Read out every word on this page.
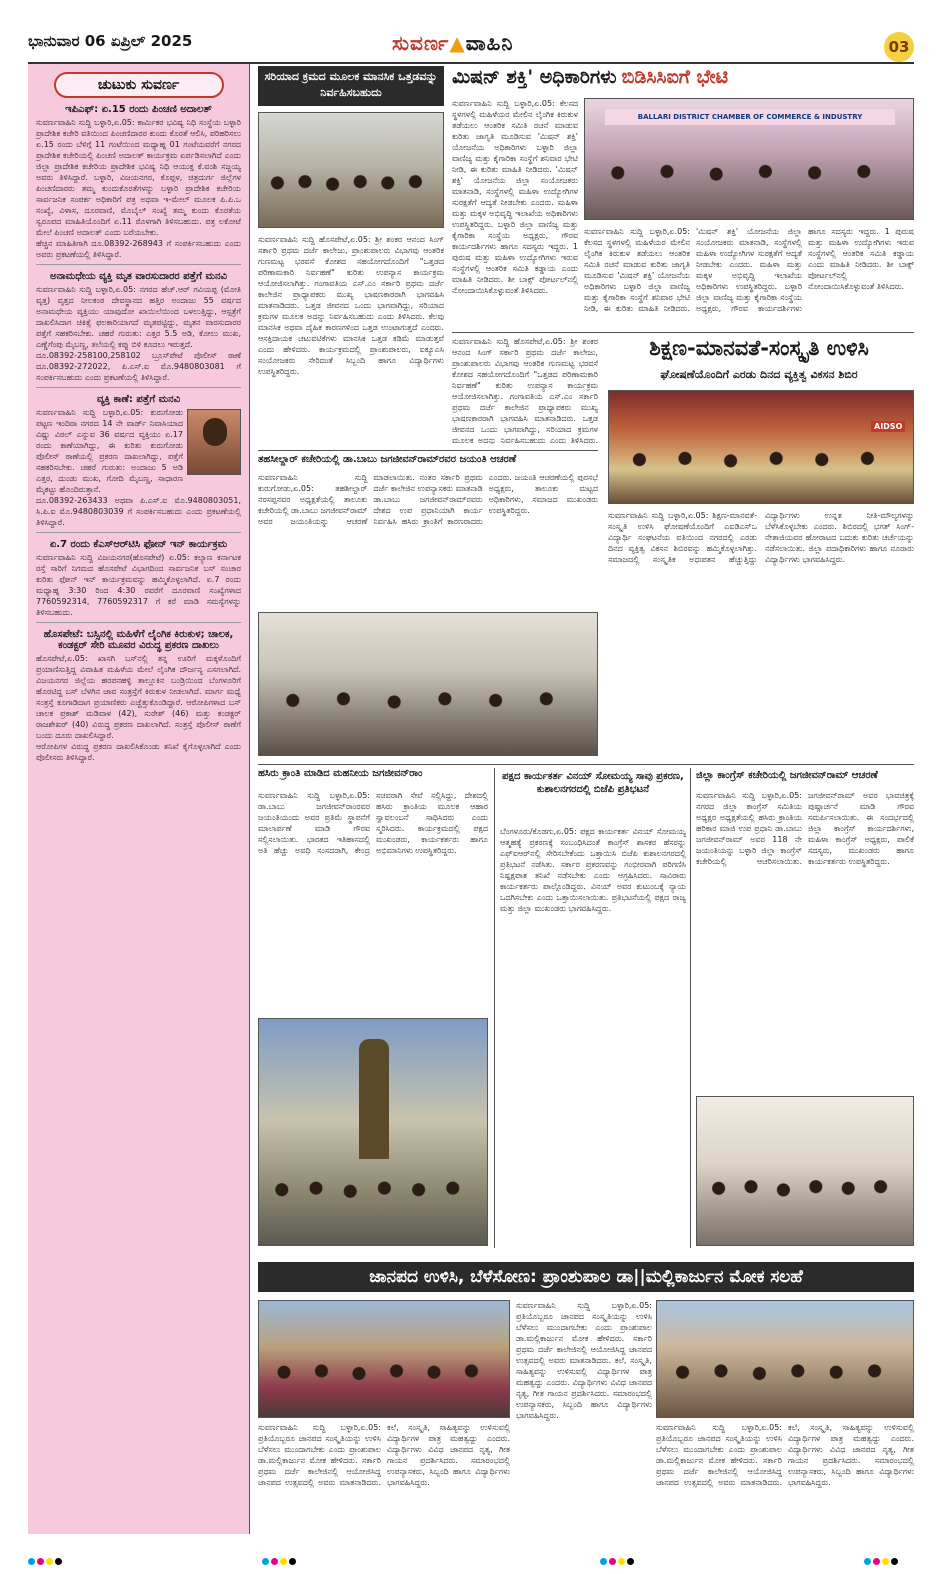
ಭಾನುವಾರ 06 ಏಪ್ರಿಲ್ 2025	ಸುವರ್ಣ▲ವಾಹಿನಿ	03
ಚುಟುಕು ಸುವರ್ಣ
ಇಪಿಎಫ್: ಏ.15 ರಂದು ಪಿಂಚಣಿ ಅದಾಲತ್

ಸುವರ್ಣವಾಹಿನಿ ಸುದ್ದಿ ಬಳ್ಳಾರಿ,ಏ.05: ಕಾರ್ಮಿಕರ ಭವಿಷ್ಯ ನಿಧಿ ಸಂಸ್ಥೆಯ ಬಳ್ಳಾರಿ ಪ್ರಾದೇಶಿಕ ಕಚೇರಿ ವತಿಯಿಂದ ಪಿಂಚಣಿದಾರರ ಕುಂದು ಕೊರತೆ ಆಲಿಸಿ, ಪರಿಹರಿಸಲು ಏ.15 ರಂದು ಬೆಳಿಗ್ಗೆ 11 ಗಂಟೆಯಿಂದ ಮಧ್ಯಾಹ್ನ 01 ಗಂಟೆಯವರೆಗೆ ನಗರದ ಪ್ರಾದೇಶಿಕ ಕಚೇರಿಯಲ್ಲಿ ಪಿಂಚಣಿ ಅದಾಲತ್ ಕಾರ್ಯಕ್ರಮ ಏರ್ಪಡಿಸಲಾಗಿದೆ ಎಂದು ಜಿಲ್ಲಾ ಪ್ರಾದೇಶಿಕ ಕಚೇರಿಯ ಪ್ರಾದೇಶಿಕ ಭವಿಷ್ಯ ನಿಧಿ ಆಯುಕ್ತ ಕೆ.ವಂಶಿ ಸಜ್ಜಯ್ಯ ಅವರು ತಿಳಿಸಿದ್ದಾರೆ. ಬಳ್ಳಾರಿ, ವಿಜಯನಗರ, ಕೊಪ್ಪಳ, ಚಿತ್ರದುರ್ಗ ಜಿಲ್ಲೆಗಳ ಪಿಂಚಣಿದಾರರು ತಮ್ಮ ಕುಂದುಕೊರತೆಗಳನ್ನು ಬಳ್ಳಾರಿ ಪ್ರಾದೇಶಿಕ ಕಚೇರಿಯ ಸಾರ್ವಜನಿಕ ಸಂಪರ್ಕ ಅಧಿಕಾರಿಗೆ ಪತ್ರ ಅಥವಾ ಇ-ಮೇಲ್ ಮೂಲಕ ಪಿ.ಪಿ.ಒ ಸಂಖ್ಯೆ, ವಿಳಾಸ, ದೂರವಾಣಿ, ಮೊಬೈಲ್ ಸಂಖ್ಯೆ ತಮ್ಮ ಕುಂದು ಕೊರತೆಯ ಸ್ವರೂಪದ ಮಾಹಿತಿಯೊಂದಿಗೆ ಏ.11 ರೊಳಗಾಗಿ ತಿಳಿಸಬಹುದು. ಪತ್ರ ಲಕೋಟೆ ಮೇಲೆ ಪಿಂಚಣಿ ಅದಾಲತ್ ಎಂದು ಬರೆಯಬೇಕು.

ಹೆಚ್ಚಿನ ಮಾಹಿತಿಗಾಗಿ ದೂ.08392-268943 ಗೆ ಸಂಪರ್ಕಿಸಬಹುದು ಎಂದು ಅವರು ಪ್ರಕಟಣೆಯಲ್ಲಿ ತಿಳಿಸಿದ್ದಾರೆ.

ಅನಾಮಧೇಯ ವ್ಯಕ್ತಿ ಮೃತ ವಾರಸುದಾರರ ಪತ್ತೆಗೆ ಮನವಿ

ಸುವರ್ಣವಾಹಿನಿ ಸುದ್ದಿ ಬಳ್ಳಾರಿ,ಏ.05: ನಗರದ ಹೆಚ್.ಆರ್ ಗವಿಯಪ್ಪ (ಮೋತಿ ವೃತ್ತ) ವೃತ್ತದ ನೀಲಕಂಠ ದೇವಸ್ಥಾನದ ಹತ್ತಿರ ಅಂದಾಜು 55 ವರ್ಷದ ಅನಾಮಧೇಯ ವ್ಯಕ್ತಿಯು ಯಾವುದೋ ಖಾಯಿಲೆಯಿಂದ ಬಳಲುತ್ತಿದ್ದು, ಆಸ್ಪತ್ರೆಗೆ ದಾಖಲಿಸಿದಾಗ ಚಿಕಿತ್ಸೆ ಫಲಕಾರಿಯಾಗದೆ ಮೃತಪಟ್ಟಿದ್ದು, ಮೃತನ ವಾರಸುದಾರರ ಪತ್ತೆಗೆ ಸಹಕರಿಸಬೇಕು. ಚಹರೆ ಗುರುತು: ಎತ್ತರ 5.5 ಅಡಿ, ಕೋಲು ಮುಖ, ಎಣ್ಣೆಗೆಂಪು ಮೈಬಣ್ಣ, ತಲೆಯಲ್ಲಿ ಕಪ್ಪು ಬಿಳಿ ಕೂದಲು ಇರುತ್ತದೆ.

ದೂ.08392-258100,258102 ಬ್ರೂಸ್‌ಪೇಟೆ ಪೊಲೀಸ್ ಠಾಣೆ ದೂ.08392-272022, ಪಿ.ಎಸ್.ಐ ಮೊ.9480803081 ಗೆ ಸಂಪರ್ಕಿಸಬಹುದು ಎಂದು ಪ್ರಕಟಣೆಯಲ್ಲಿ ತಿಳಿಸಿದ್ದಾರೆ.

ವ್ಯಕ್ತಿ ಕಾಣೆ: ಪತ್ತೆಗೆ ಮನವಿ

ಸುವರ್ಣವಾಹಿನಿ ಸುದ್ದಿ ಬಳ್ಳಾರಿ,ಏ.05: ಕುರುಗೋಡು ಪಟ್ಟಣ ಇಂದಿರಾ ನಗರದ 14 ನೇ ವಾರ್ಡ್ ನಿವಾಸಿಯಾದ ವಿಷ್ಣು ವಿಠಲ್ ಎನ್ನುವ 36 ವರ್ಷದ ವ್ಯಕ್ತಿಯು ಏ.17 ರಂದು ಕಾಣೆಯಾಗಿದ್ದು, ಈ ಕುರಿತು ಕುರುಗೋಡು ಪೊಲೀಸ್ ಠಾಣೆಯಲ್ಲಿ ಪ್ರಕರಣ ದಾಖಲಾಗಿದ್ದು, ಪತ್ತೆಗೆ ಸಹಕರಿಸಬೇಕು. ಚಹರೆ ಗುರುತು: ಅಂದಾಜು 5 ಅಡಿ ಎತ್ತರ, ದುಂಡು ಮುಖ, ಗೋದಿ ಮೈಬಣ್ಣ, ಸಾಧಾರಣ ಮೈಕಟ್ಟು ಹೊಂದಿರುತ್ತಾನೆ.

ದೂ.08392-263433 ಅಥವಾ ಪಿ.ಎಸ್.ಐ ಮೊ.9480803051, ಸಿ.ಪಿ.ಐ ಮೊ.9480803039 ಗೆ ಸಂಪರ್ಕಿಸಬಹುದು ಎಂದು ಪ್ರಕಟಣೆಯಲ್ಲಿ ತಿಳಿಸಿದ್ದಾರೆ.

ಏ.7 ರಂದು ಕೆಎಸ್‌ಆರ್‌ಟಿಸಿ ಫೋನ್ ಇನ್ ಕಾರ್ಯಕ್ರಮ

ಸುವರ್ಣವಾಹಿನಿ ಸುದ್ದಿ ವಿಜಯನಗರ(ಹೊಸಪೇಟೆ) ಏ.05: ಕಲ್ಯಾಣ ಕರ್ನಾಟಕ ರಸ್ತೆ ಸಾರಿಗೆ ನಿಗಮದ ಹೊಸಪೇಟೆ ವಿಭಾಗದಿಂದ ಸಾರ್ವಜನಿಕ ಬಸ್ ಸಂಚಾರ ಕುರಿತು ಫೋನ್ ಇನ್ ಕಾರ್ಯಕ್ರಮವನ್ನು ಹಮ್ಮಿಕೊಳ್ಳಲಾಗಿದೆ. ಏ.7 ರಂದು ಮಧ್ಯಾಹ್ನ 3:30 ರಿಂದ 4:30 ರವರೆಗೆ ದೂರವಾಣಿ ಸಂಖ್ಯೆಗಳಾದ 7760592314, 7760592317 ಗೆ ಕರೆ ಮಾಡಿ ಸಮಸ್ಯೆಗಳನ್ನು ತಿಳಿಸಬಹುದು.

ಹೊಸಪೇಟೆ: ಬಸ್ಸಿನಲ್ಲಿ ಮಹಿಳೆಗೆ ಲೈಂಗಿಕ ಕಿರುಕುಳ; ಚಾಲಕ, ಕಂಡಕ್ಟರ್ ಸೇರಿ ಮೂವರ ವಿರುದ್ಧ ಪ್ರಕರಣ ದಾಖಲು

ಹೊಸಪೇಟೆ,ಏ.05: ಖಾಸಗಿ ಬಸ್‌ನಲ್ಲಿ ತನ್ನ ಊರಿಗೆ ಮಕ್ಕಳೊಂದಿಗೆ ಪ್ರಯಾಣಿಸುತ್ತಿದ್ದ ವಿವಾಹಿತ ಮಹಿಳೆಯ ಮೇಲೆ ಲೈಂಗಿಕ ದೌರ್ಜನ್ಯ ಎಸಗಲಾಗಿದೆ. ವಿಜಯನಗರ ಜಿಲ್ಲೆಯ ಹರಪನಹಳ್ಳಿ ತಾಲ್ಲೂಕಿನ ಬಂಡ್ರಿಯಿಂದ ಬೆಂಗಳೂರಿಗೆ ಹೊರಟಿದ್ದ ಬಸ್ ಬೆಳಗಿನ ಜಾವ ಸಂತ್ರಸ್ತೆಗೆ ಕಿರುಕುಳ ನೀಡಲಾಗಿದೆ. ಮಾರ್ಗ ಮಧ್ಯೆ ಸಂತ್ರಸ್ತೆ ಕೂಗಾಡಿದಾಗ ಪ್ರಯಾಣಿಕರು ಎಚ್ಚೆತ್ತುಕೊಂಡಿದ್ದಾರೆ. ಆರೋಪಿಗಳಾದ ಬಸ್ ಚಾಲಕ ಪ್ರಕಾಶ್ ಮಡಿವಾಳ (42), ಸುರೇಶ್ (46) ಮತ್ತು ಕಂಡಕ್ಟರ್ ರಾಜಶೇಖರ್ (40) ವಿರುದ್ಧ ಪ್ರಕರಣ ದಾಖಲಾಗಿದೆ. ಸಂತ್ರಸ್ತೆ ಪೊಲೀಸ್ ಠಾಣೆಗೆ ಬಂದು ದೂರು ದಾಖಲಿಸಿದ್ದಾರೆ.

ಆರೋಪಿಗಳ ವಿರುದ್ಧ ಪ್ರಕರಣ ದಾಖಲಿಸಿಕೊಂಡು ತನಿಖೆ ಕೈಗೊಳ್ಳಲಾಗಿದೆ ಎಂದು ಪೊಲೀಸರು ತಿಳಿಸಿದ್ದಾರೆ.

ಸರಿಯಾದ ಕ್ರಮದ ಮೂಲಕ ಮಾನಸಿಕ ಒತ್ತಡವನ್ನು ನಿರ್ವಹಿಸಬಹುದು
ಸುವರ್ಣವಾಹಿನಿ ಸುದ್ದಿ ಹೊಸಪೇಟೆ,ಏ.05: ಶ್ರೀ ಶಂಕರ ಆನಂದ ಸಿಂಗ್ ಸರ್ಕಾರಿ ಪ್ರಥಮ ದರ್ಜೆ ಕಾಲೇಜು, ಪ್ರಾಂಶುಪಾಲರು ವಿಭಾಗವು ಆಂತರಿಕ ಗುಣಮಟ್ಟ ಭರವಸೆ ಕೋಶದ ಸಹಯೋಗದೊಂದಿಗೆ "ಒತ್ತಡದ ಪರಿಣಾಮಕಾರಿ ನಿರ್ವಹಣೆ" ಕುರಿತು ಉಪನ್ಯಾಸ ಕಾರ್ಯಕ್ರಮ ಆಯೋಜಿಸಲಾಗಿತ್ತು. ಗಂಗಾವತಿಯ ಎಸ್.ಎಂ ಸರ್ಕಾರಿ ಪ್ರಥಮ ದರ್ಜೆ ಕಾಲೇಜಿನ ಪ್ರಾಧ್ಯಾಪಕರು ಮುಖ್ಯ ಭಾಷಣಕಾರರಾಗಿ ಭಾಗವಹಿಸಿ ಮಾತನಾಡಿದರು. ಒತ್ತಡ ಜೀವನದ ಒಂದು ಭಾಗವಾಗಿದ್ದು, ಸರಿಯಾದ ಕ್ರಮಗಳ ಮೂಲಕ ಅದನ್ನು ನಿರ್ವಹಿಸಬಹುದು ಎಂದು ತಿಳಿಸಿದರು. ಕೆಲವು ಮಾನಸಿಕ ಅಥವಾ ದೈಹಿಕ ಕಾರಣಗಳಿಂದ ಒತ್ತಡ ಉಂಟಾಗುತ್ತದೆ ಎಂದರು. ಆಸಕ್ತಿದಾಯಕ ಚಟುವಟಿಕೆಗಳು ಮಾನಸಿಕ ಒತ್ತಡ ಕಡಿಮೆ ಮಾಡುತ್ತವೆ ಎಂದು ಹೇಳಿದರು. ಕಾರ್ಯಕ್ರಮದಲ್ಲಿ ಪ್ರಾಂಶುಪಾಲರು, ಐಕ್ಯೂಎಸಿ ಸಂಯೋಜಕರು ಸೇರಿದಂತೆ ಸಿಬ್ಬಂದಿ ಹಾಗೂ ವಿದ್ಯಾರ್ಥಿಗಳು ಉಪಸ್ಥಿತರಿದ್ದರು.
ಮಿಷನ್ ಶಕ್ತಿ' ಅಧಿಕಾರಿಗಳು ಬಿಡಿಸಿಸಿಐಗೆ ಭೇಟಿ
BALLARI DISTRICT CHAMBER OF COMMERCE & INDUSTRY
ಸುವರ್ಣವಾಹಿನಿ ಸುದ್ದಿ ಬಳ್ಳಾರಿ,ಏ.05: ಕೆಲಸದ ಸ್ಥಳಗಳಲ್ಲಿ ಮಹಿಳೆಯರ ಮೇಲಿನ ಲೈಂಗಿಕ ಕಿರುಕುಳ ತಡೆಯಲು ಆಂತರಿಕ ಸಮಿತಿ ರಚನೆ ಮಾಡುವ ಕುರಿತು ಜಾಗೃತಿ ಮೂಡಿಸುವ 'ಮಿಷನ್ ಶಕ್ತಿ' ಯೋಜನೆಯ ಅಧಿಕಾರಿಗಳು ಬಳ್ಳಾರಿ ಜಿಲ್ಲಾ ವಾಣಿಜ್ಯ ಮತ್ತು ಕೈಗಾರಿಕಾ ಸಂಸ್ಥೆಗೆ ಶನಿವಾರ ಭೇಟಿ ನೀಡಿ, ಈ ಕುರಿತು ಮಾಹಿತಿ ನೀಡಿದರು. 'ಮಿಷನ್ ಶಕ್ತಿ' ಯೋಜನೆಯ ಜಿಲ್ಲಾ ಸಂಯೋಜಕರು ಮಾತನಾಡಿ, ಸಂಸ್ಥೆಗಳಲ್ಲಿ ಮಹಿಳಾ ಉದ್ಯೋಗಿಗಳ ಸುರಕ್ಷತೆಗೆ ಆದ್ಯತೆ ನೀಡಬೇಕು ಎಂದರು. ಮಹಿಳಾ ಮತ್ತು ಮಕ್ಕಳ ಅಭಿವೃದ್ಧಿ ಇಲಾಖೆಯ ಅಧಿಕಾರಿಗಳು ಉಪಸ್ಥಿತರಿದ್ದರು. ಬಳ್ಳಾರಿ ಜಿಲ್ಲಾ ವಾಣಿಜ್ಯ ಮತ್ತು ಕೈಗಾರಿಕಾ ಸಂಸ್ಥೆಯ ಅಧ್ಯಕ್ಷರು, ಗೌರವ ಕಾರ್ಯದರ್ಶಿಗಳು ಹಾಗೂ ಸದಸ್ಯರು ಇದ್ದರು. 1 ಪುರುಷ ಮತ್ತು ಮಹಿಳಾ ಉದ್ಯೋಗಿಗಳು ಇರುವ ಸಂಸ್ಥೆಗಳಲ್ಲಿ ಆಂತರಿಕ ಸಮಿತಿ ಕಡ್ಡಾಯ ಎಂದು ಮಾಹಿತಿ ನೀಡಿದರು. ಶೀ ಬಾಕ್ಸ್ ಪೋರ್ಟಲ್‌ನಲ್ಲಿ ನೋಂದಾಯಿಸಿಕೊಳ್ಳುವಂತೆ ತಿಳಿಸಿದರು.
ಸುವರ್ಣವಾಹಿನಿ ಸುದ್ದಿ ಬಳ್ಳಾರಿ,ಏ.05: ಕೆಲಸದ ಸ್ಥಳಗಳಲ್ಲಿ ಮಹಿಳೆಯರ ಮೇಲಿನ ಲೈಂಗಿಕ ಕಿರುಕುಳ ತಡೆಯಲು ಆಂತರಿಕ ಸಮಿತಿ ರಚನೆ ಮಾಡುವ ಕುರಿತು ಜಾಗೃತಿ ಮೂಡಿಸುವ 'ಮಿಷನ್ ಶಕ್ತಿ' ಯೋಜನೆಯ ಅಧಿಕಾರಿಗಳು ಬಳ್ಳಾರಿ ಜಿಲ್ಲಾ ವಾಣಿಜ್ಯ ಮತ್ತು ಕೈಗಾರಿಕಾ ಸಂಸ್ಥೆಗೆ ಶನಿವಾರ ಭೇಟಿ ನೀಡಿ, ಈ ಕುರಿತು ಮಾಹಿತಿ ನೀಡಿದರು. 'ಮಿಷನ್ ಶಕ್ತಿ' ಯೋಜನೆಯ ಜಿಲ್ಲಾ ಸಂಯೋಜಕರು ಮಾತನಾಡಿ, ಸಂಸ್ಥೆಗಳಲ್ಲಿ ಮಹಿಳಾ ಉದ್ಯೋಗಿಗಳ ಸುರಕ್ಷತೆಗೆ ಆದ್ಯತೆ ನೀಡಬೇಕು ಎಂದರು. ಮಹಿಳಾ ಮತ್ತು ಮಕ್ಕಳ ಅಭಿವೃದ್ಧಿ ಇಲಾಖೆಯ ಅಧಿಕಾರಿಗಳು ಉಪಸ್ಥಿತರಿದ್ದರು. ಬಳ್ಳಾರಿ ಜಿಲ್ಲಾ ವಾಣಿಜ್ಯ ಮತ್ತು ಕೈಗಾರಿಕಾ ಸಂಸ್ಥೆಯ ಅಧ್ಯಕ್ಷರು, ಗೌರವ ಕಾರ್ಯದರ್ಶಿಗಳು ಹಾಗೂ ಸದಸ್ಯರು ಇದ್ದರು. 1 ಪುರುಷ ಮತ್ತು ಮಹಿಳಾ ಉದ್ಯೋಗಿಗಳು ಇರುವ ಸಂಸ್ಥೆಗಳಲ್ಲಿ ಆಂತರಿಕ ಸಮಿತಿ ಕಡ್ಡಾಯ ಎಂದು ಮಾಹಿತಿ ನೀಡಿದರು. ಶೀ ಬಾಕ್ಸ್ ಪೋರ್ಟಲ್‌ನಲ್ಲಿ ನೋಂದಾಯಿಸಿಕೊಳ್ಳುವಂತೆ ತಿಳಿಸಿದರು.
ಶಿಕ್ಷಣ-ಮಾನವತೆ-ಸಂಸ್ಕೃತಿ ಉಳಿಸಿ
ಘೋಷಣೆಯೊಂದಿಗೆ ಎರಡು ದಿನದ ವ್ಯಕ್ತಿತ್ವ ವಿಕಸನ ಶಿಬಿರ
AIDSO
ಸುವರ್ಣವಾಹಿನಿ ಸುದ್ದಿ ಬಳ್ಳಾರಿ,ಏ.05: ಶಿಕ್ಷಣ-ಮಾನವತೆ-ಸಂಸ್ಕೃತಿ ಉಳಿಸಿ ಘೋಷಣೆಯೊಂದಿಗೆ ಎಐಡಿಎಸ್‌ಒ ವಿದ್ಯಾರ್ಥಿ ಸಂಘಟನೆಯ ವತಿಯಿಂದ ನಗರದಲ್ಲಿ ಎರಡು ದಿನದ ವ್ಯಕ್ತಿತ್ವ ವಿಕಸನ ಶಿಬಿರವನ್ನು ಹಮ್ಮಿಕೊಳ್ಳಲಾಗಿತ್ತು. ಸಮಾಜದಲ್ಲಿ ಸಂಸ್ಕೃತಿಕ ಅಧಃಪತನ ಹೆಚ್ಚುತ್ತಿದ್ದು ವಿದ್ಯಾರ್ಥಿಗಳು ಉನ್ನತ ನೀತಿ-ಮೌಲ್ಯಗಳನ್ನು ಬೆಳೆಸಿಕೊಳ್ಳಬೇಕು ಎಂದರು. ಶಿಬಿರದಲ್ಲಿ ಭಗತ್ ಸಿಂಗ್-ನೇತಾಜಿಯವರ ಹೋರಾಟದ ಬದುಕು ಕುರಿತು ಚರ್ಚೆಯನ್ನು ನಡೆಸಲಾಯಿತು. ಜಿಲ್ಲಾ ಪದಾಧಿಕಾರಿಗಳು ಹಾಗೂ ನೂರಾರು ವಿದ್ಯಾರ್ಥಿಗಳು ಭಾಗವಹಿಸಿದ್ದರು.
ಸುವರ್ಣವಾಹಿನಿ ಸುದ್ದಿ ಹೊಸಪೇಟೆ,ಏ.05: ಶ್ರೀ ಶಂಕರ ಆನಂದ ಸಿಂಗ್ ಸರ್ಕಾರಿ ಪ್ರಥಮ ದರ್ಜೆ ಕಾಲೇಜು, ಪ್ರಾಂಶುಪಾಲರು ವಿಭಾಗವು ಆಂತರಿಕ ಗುಣಮಟ್ಟ ಭರವಸೆ ಕೋಶದ ಸಹಯೋಗದೊಂದಿಗೆ "ಒತ್ತಡದ ಪರಿಣಾಮಕಾರಿ ನಿರ್ವಹಣೆ" ಕುರಿತು ಉಪನ್ಯಾಸ ಕಾರ್ಯಕ್ರಮ ಆಯೋಜಿಸಲಾಗಿತ್ತು. ಗಂಗಾವತಿಯ ಎಸ್.ಎಂ ಸರ್ಕಾರಿ ಪ್ರಥಮ ದರ್ಜೆ ಕಾಲೇಜಿನ ಪ್ರಾಧ್ಯಾಪಕರು ಮುಖ್ಯ ಭಾಷಣಕಾರರಾಗಿ ಭಾಗವಹಿಸಿ ಮಾತನಾಡಿದರು. ಒತ್ತಡ ಜೀವನದ ಒಂದು ಭಾಗವಾಗಿದ್ದು, ಸರಿಯಾದ ಕ್ರಮಗಳ ಮೂಲಕ ಅದನ್ನು ನಿರ್ವಹಿಸಬಹುದು ಎಂದು ತಿಳಿಸಿದರು.
ತಹಸೀಲ್ದಾರ್ ಕಚೇರಿಯಲ್ಲಿ ಡಾ.ಬಾಬು ಜಗಜೀವನ್‌ರಾಮ್‌ರವರ ಜಯಂತಿ ಆಚರಣೆ
ಸುವರ್ಣವಾಹಿನಿ ಸುದ್ದಿ ಕುರುಗೋಡು,ಏ.05: ತಹಶೀಲ್ದಾರ್ ನರಸಪ್ಪನವರ ಅಧ್ಯಕ್ಷತೆಯಲ್ಲಿ ತಾಲೂಕು ಕಚೇರಿಯಲ್ಲಿ ಡಾ.ಬಾಬು ಜಗಜೀವನ್‌ರಾಮ್ ಅವರ ಜಯಂತಿಯನ್ನು ಆಚರಣೆ ಮಾಡಲಾಯಿತು. ನಂತರ ಸರ್ಕಾರಿ ಪ್ರಥಮ ದರ್ಜೆ ಕಾಲೇಜಿನ ಉಪನ್ಯಾಸಕರು ಮಾತನಾಡಿ ಡಾ.ಬಾಬು ಜಗಜೀವನ್‌ರಾಮ್‌ರವರು ದೇಶದ ಉಪ ಪ್ರಧಾನಿಯಾಗಿ ಕಾರ್ಯ ನಿರ್ವಹಿಸಿ ಹಸಿರು ಕ್ರಾಂತಿಗೆ ಕಾರಣರಾದರು ಎಂದರು. ಜಯಂತಿ ಆಚರಣೆಯಲ್ಲಿ ಪುರಸಭೆ ಅಧ್ಯಕ್ಷರು, ತಾಲೂಕು ಮಟ್ಟದ ಅಧಿಕಾರಿಗಳು, ಸಮಾಜದ ಮುಖಂಡರು ಉಪಸ್ಥಿತರಿದ್ದರು.
ಹಸಿರು ಕ್ರಾಂತಿ ಮಾಡಿದ ಮಹನೀಯ ಜಗಜೀವನ್‌ರಾಂ
ಸುವರ್ಣವಾಹಿನಿ ಸುದ್ದಿ ಬಳ್ಳಾರಿ,ಏ.05: ಡಾ.ಬಾಬು ಜಗಜೀವನ್‌ರಾಂರವರ ಜಯಂತಿಯಂದು ಅವರ ಪ್ರತಿಮೆ ಸ್ಥಾಪನೆಗೆ ಮಾಲಾರ್ಪಣೆ ಮಾಡಿ ಗೌರವ ಸಲ್ಲಿಸಲಾಯಿತು. ಭಾರತದ ಇತಿಹಾಸದಲ್ಲಿ ಅತಿ ಹೆಚ್ಚು ಅವಧಿ ಸಂಸದರಾಗಿ, ಕೇಂದ್ರ ಸಚಿವರಾಗಿ ಸೇವೆ ಸಲ್ಲಿಸಿದ್ದು, ದೇಶದಲ್ಲಿ ಹಸಿರು ಕ್ರಾಂತಿಯ ಮೂಲಕ ಆಹಾರ ಸ್ವಾವಲಂಬನೆ ಸಾಧಿಸಿದರು ಎಂದು ಸ್ಮರಿಸಿದರು. ಕಾರ್ಯಕ್ರಮದಲ್ಲಿ ಪಕ್ಷದ ಮುಖಂಡರು, ಕಾರ್ಯಕರ್ತರು ಹಾಗೂ ಅಭಿಮಾನಿಗಳು ಉಪಸ್ಥಿತರಿದ್ದರು.
ಪಕ್ಷದ ಕಾರ್ಯಕರ್ತ ವಿನಯ್ ಸೋಮಯ್ಯ ಸಾವು ಪ್ರಕರಣ, ಕುಶಾಲನಗರದಲ್ಲಿ ಬಿಜೆಪಿ ಪ್ರತಿಭಟನೆ
ಬೆಂಗಳೂರು/ಕೊಡಗು,ಏ.05: ಪಕ್ಷದ ಕಾರ್ಯಕರ್ತ ವಿನಯ್ ಸೋಮಯ್ಯ ಆತ್ಮಹತ್ಯೆ ಪ್ರಕರಣಕ್ಕೆ ಸಂಬಂಧಿಸಿದಂತೆ ಕಾಂಗ್ರೆಸ್ ಶಾಸಕರ ಹೆಸರನ್ನು ಎಫ್‌ಐಆರ್‌ನಲ್ಲಿ ಸೇರಿಸಬೇಕೆಂದು ಒತ್ತಾಯಿಸಿ ಬಿಜೆಪಿ ಕುಶಾಲನಗರದಲ್ಲಿ ಪ್ರತಿಭಟನೆ ನಡೆಸಿತು. ಸರ್ಕಾರ ಪ್ರಕರಣವನ್ನು ಗಂಭೀರವಾಗಿ ಪರಿಗಣಿಸಿ ನಿಷ್ಪಕ್ಷಪಾತ ತನಿಖೆ ನಡೆಸಬೇಕು ಎಂದು ಆಗ್ರಹಿಸಿದರು. ಸಾವಿರಾರು ಕಾರ್ಯಕರ್ತರು ಪಾಲ್ಗೊಂಡಿದ್ದರು. ವಿನಯ್ ಅವರ ಕುಟುಂಬಕ್ಕೆ ನ್ಯಾಯ ಒದಗಿಸಬೇಕು ಎಂದು ಒತ್ತಾಯಿಸಲಾಯಿತು. ಪ್ರತಿಭಟನೆಯಲ್ಲಿ ಪಕ್ಷದ ರಾಜ್ಯ ಮತ್ತು ಜಿಲ್ಲಾ ಮುಖಂಡರು ಭಾಗವಹಿಸಿದ್ದರು.
ಜಿಲ್ಲಾ ಕಾಂಗ್ರೆಸ್ ಕಚೇರಿಯಲ್ಲಿ ಜಗಜೀವನ್‌ರಾಮ್ ಆಚರಣೆ
ಸುವರ್ಣವಾಹಿನಿ ಸುದ್ದಿ ಬಳ್ಳಾರಿ,ಏ.05: ನಗರದ ಜಿಲ್ಲಾ ಕಾಂಗ್ರೆಸ್ ಸಮಿತಿಯ ಅಧ್ಯಕ್ಷರ ಅಧ್ಯಕ್ಷತೆಯಲ್ಲಿ ಹಸಿರು ಕ್ರಾಂತಿಯ ಹರಿಕಾರ ಮಾಜಿ ಉಪ ಪ್ರಧಾನಿ ಡಾ.ಬಾಬು ಜಗಜೀವನ್‌ರಾಮ್ ಅವರ 118 ನೇ ಜಯಂತಿಯನ್ನು ಬಳ್ಳಾರಿ ಜಿಲ್ಲಾ ಕಾಂಗ್ರೆಸ್ ಕಚೇರಿಯಲ್ಲಿ ಆಚರಿಸಲಾಯಿತು. ಜಗಜೀವನ್‌ರಾಮ್ ಅವರ ಭಾವಚಿತ್ರಕ್ಕೆ ಪುಷ್ಪಾರ್ಚನೆ ಮಾಡಿ ಗೌರವ ಸಮರ್ಪಿಸಲಾಯಿತು. ಈ ಸಂದರ್ಭದಲ್ಲಿ ಜಿಲ್ಲಾ ಕಾಂಗ್ರೆಸ್ ಕಾರ್ಯದರ್ಶಿಗಳು, ಮಹಿಳಾ ಕಾಂಗ್ರೆಸ್ ಅಧ್ಯಕ್ಷರು, ಪಾಲಿಕೆ ಸದಸ್ಯರು, ಮುಖಂಡರು ಹಾಗೂ ಕಾರ್ಯಕರ್ತರು ಉಪಸ್ಥಿತರಿದ್ದರು.
ಜಾನಪದ ಉಳಿಸಿ, ಬೆಳೆಸೋಣ: ಪ್ರಾಂಶುಪಾಲ ಡಾ||ಮಲ್ಲಿಕಾರ್ಜುನ ಮೋಕ ಸಲಹೆ
ಸುವರ್ಣವಾಹಿನಿ ಸುದ್ದಿ ಬಳ್ಳಾರಿ,ಏ.05: ಪ್ರತಿಯೊಬ್ಬರೂ ಜಾನಪದ ಸಂಸ್ಕೃತಿಯನ್ನು ಉಳಿಸಿ ಬೆಳೆಸಲು ಮುಂದಾಗಬೇಕು ಎಂದು ಪ್ರಾಂಶುಪಾಲ ಡಾ.ಮಲ್ಲಿಕಾರ್ಜುನ ಮೋಕ ಹೇಳಿದರು. ಸರ್ಕಾರಿ ಪ್ರಥಮ ದರ್ಜೆ ಕಾಲೇಜಿನಲ್ಲಿ ಆಯೋಜಿಸಿದ್ದ ಜಾನಪದ ಉತ್ಸವದಲ್ಲಿ ಅವರು ಮಾತನಾಡಿದರು. ಕಲೆ, ಸಂಸ್ಕೃತಿ, ಸಾಹಿತ್ಯವನ್ನು ಉಳಿಸುವಲ್ಲಿ ವಿದ್ಯಾರ್ಥಿಗಳ ಪಾತ್ರ ಮಹತ್ವದ್ದು ಎಂದರು. ವಿದ್ಯಾರ್ಥಿಗಳು ವಿವಿಧ ಜಾನಪದ ನೃತ್ಯ, ಗೀತ ಗಾಯನ ಪ್ರದರ್ಶಿಸಿದರು. ಸಮಾರಂಭದಲ್ಲಿ ಉಪನ್ಯಾಸಕರು, ಸಿಬ್ಬಂದಿ ಹಾಗೂ ವಿದ್ಯಾರ್ಥಿಗಳು ಭಾಗವಹಿಸಿದ್ದರು.
ಸುವರ್ಣವಾಹಿನಿ ಸುದ್ದಿ ಬಳ್ಳಾರಿ,ಏ.05: ಪ್ರತಿಯೊಬ್ಬರೂ ಜಾನಪದ ಸಂಸ್ಕೃತಿಯನ್ನು ಉಳಿಸಿ ಬೆಳೆಸಲು ಮುಂದಾಗಬೇಕು ಎಂದು ಪ್ರಾಂಶುಪಾಲ ಡಾ.ಮಲ್ಲಿಕಾರ್ಜುನ ಮೋಕ ಹೇಳಿದರು. ಸರ್ಕಾರಿ ಪ್ರಥಮ ದರ್ಜೆ ಕಾಲೇಜಿನಲ್ಲಿ ಆಯೋಜಿಸಿದ್ದ ಜಾನಪದ ಉತ್ಸವದಲ್ಲಿ ಅವರು ಮಾತನಾಡಿದರು. ಕಲೆ, ಸಂಸ್ಕೃತಿ, ಸಾಹಿತ್ಯವನ್ನು ಉಳಿಸುವಲ್ಲಿ ವಿದ್ಯಾರ್ಥಿಗಳ ಪಾತ್ರ ಮಹತ್ವದ್ದು ಎಂದರು. ವಿದ್ಯಾರ್ಥಿಗಳು ವಿವಿಧ ಜಾನಪದ ನೃತ್ಯ, ಗೀತ ಗಾಯನ ಪ್ರದರ್ಶಿಸಿದರು. ಸಮಾರಂಭದಲ್ಲಿ ಉಪನ್ಯಾಸಕರು, ಸಿಬ್ಬಂದಿ ಹಾಗೂ ವಿದ್ಯಾರ್ಥಿಗಳು ಭಾಗವಹಿಸಿದ್ದರು.
ಸುವರ್ಣವಾಹಿನಿ ಸುದ್ದಿ ಬಳ್ಳಾರಿ,ಏ.05: ಪ್ರತಿಯೊಬ್ಬರೂ ಜಾನಪದ ಸಂಸ್ಕೃತಿಯನ್ನು ಉಳಿಸಿ ಬೆಳೆಸಲು ಮುಂದಾಗಬೇಕು ಎಂದು ಪ್ರಾಂಶುಪಾಲ ಡಾ.ಮಲ್ಲಿಕಾರ್ಜುನ ಮೋಕ ಹೇಳಿದರು. ಸರ್ಕಾರಿ ಪ್ರಥಮ ದರ್ಜೆ ಕಾಲೇಜಿನಲ್ಲಿ ಆಯೋಜಿಸಿದ್ದ ಜಾನಪದ ಉತ್ಸವದಲ್ಲಿ ಅವರು ಮಾತನಾಡಿದರು. ಕಲೆ, ಸಂಸ್ಕೃತಿ, ಸಾಹಿತ್ಯವನ್ನು ಉಳಿಸುವಲ್ಲಿ ವಿದ್ಯಾರ್ಥಿಗಳ ಪಾತ್ರ ಮಹತ್ವದ್ದು ಎಂದರು. ವಿದ್ಯಾರ್ಥಿಗಳು ವಿವಿಧ ಜಾನಪದ ನೃತ್ಯ, ಗೀತ ಗಾಯನ ಪ್ರದರ್ಶಿಸಿದರು. ಸಮಾರಂಭದಲ್ಲಿ ಉಪನ್ಯಾಸಕರು, ಸಿಬ್ಬಂದಿ ಹಾಗೂ ವಿದ್ಯಾರ್ಥಿಗಳು ಭಾಗವಹಿಸಿದ್ದರು.
